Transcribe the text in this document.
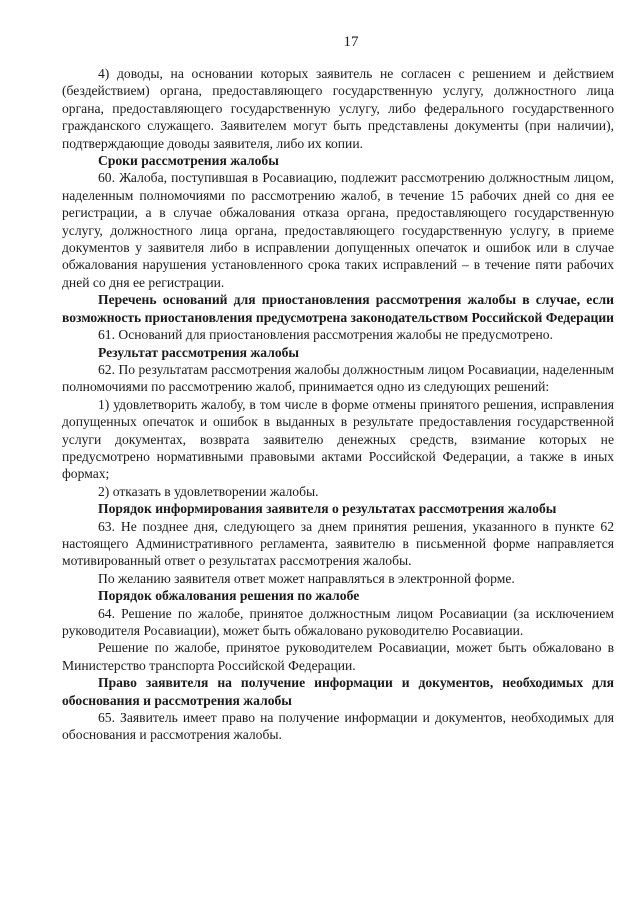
17
4) доводы, на основании которых заявитель не согласен с решением и действием (бездействием) органа, предоставляющего государственную услугу, должностного лица органа, предоставляющего государственную услугу, либо федерального государственного гражданского служащего. Заявителем могут быть представлены документы (при наличии), подтверждающие доводы заявителя, либо их копии.
Сроки рассмотрения жалобы
60. Жалоба, поступившая в Росавиацию, подлежит рассмотрению должностным лицом, наделенным полномочиями по рассмотрению жалоб, в течение 15 рабочих дней со дня ее регистрации, а в случае обжалования отказа органа, предоставляющего государственную услугу, должностного лица органа, предоставляющего государственную услугу, в приеме документов у заявителя либо в исправлении допущенных опечаток и ошибок или в случае обжалования нарушения установленного срока таких исправлений – в течение пяти рабочих дней со дня ее регистрации.
Перечень оснований для приостановления рассмотрения жалобы в случае, если возможность приостановления предусмотрена законодательством Российской Федерации
61. Оснований для приостановления рассмотрения жалобы не предусмотрено.
Результат рассмотрения жалобы
62. По результатам рассмотрения жалобы должностным лицом Росавиации, наделенным полномочиями по рассмотрению жалоб, принимается одно из следующих решений:
1) удовлетворить жалобу, в том числе в форме отмены принятого решения, исправления допущенных опечаток и ошибок в выданных в результате предоставления государственной услуги документах, возврата заявителю денежных средств, взимание которых не предусмотрено нормативными правовыми актами Российской Федерации, а также в иных формах;
2) отказать в удовлетворении жалобы.
Порядок информирования заявителя о результатах рассмотрения жалобы
63. Не позднее дня, следующего за днем принятия решения, указанного в пункте 62 настоящего Административного регламента, заявителю в письменной форме направляется мотивированный ответ о результатах рассмотрения жалобы.
По желанию заявителя ответ может направляться в электронной форме.
Порядок обжалования решения по жалобе
64. Решение по жалобе, принятое должностным лицом Росавиации (за исключением руководителя Росавиации), может быть обжаловано руководителю Росавиации.
Решение по жалобе, принятое руководителем Росавиации, может быть обжаловано в Министерство транспорта Российской Федерации.
Право заявителя на получение информации и документов, необходимых для обоснования и рассмотрения жалобы
65. Заявитель имеет право на получение информации и документов, необходимых для обоснования и рассмотрения жалобы.
